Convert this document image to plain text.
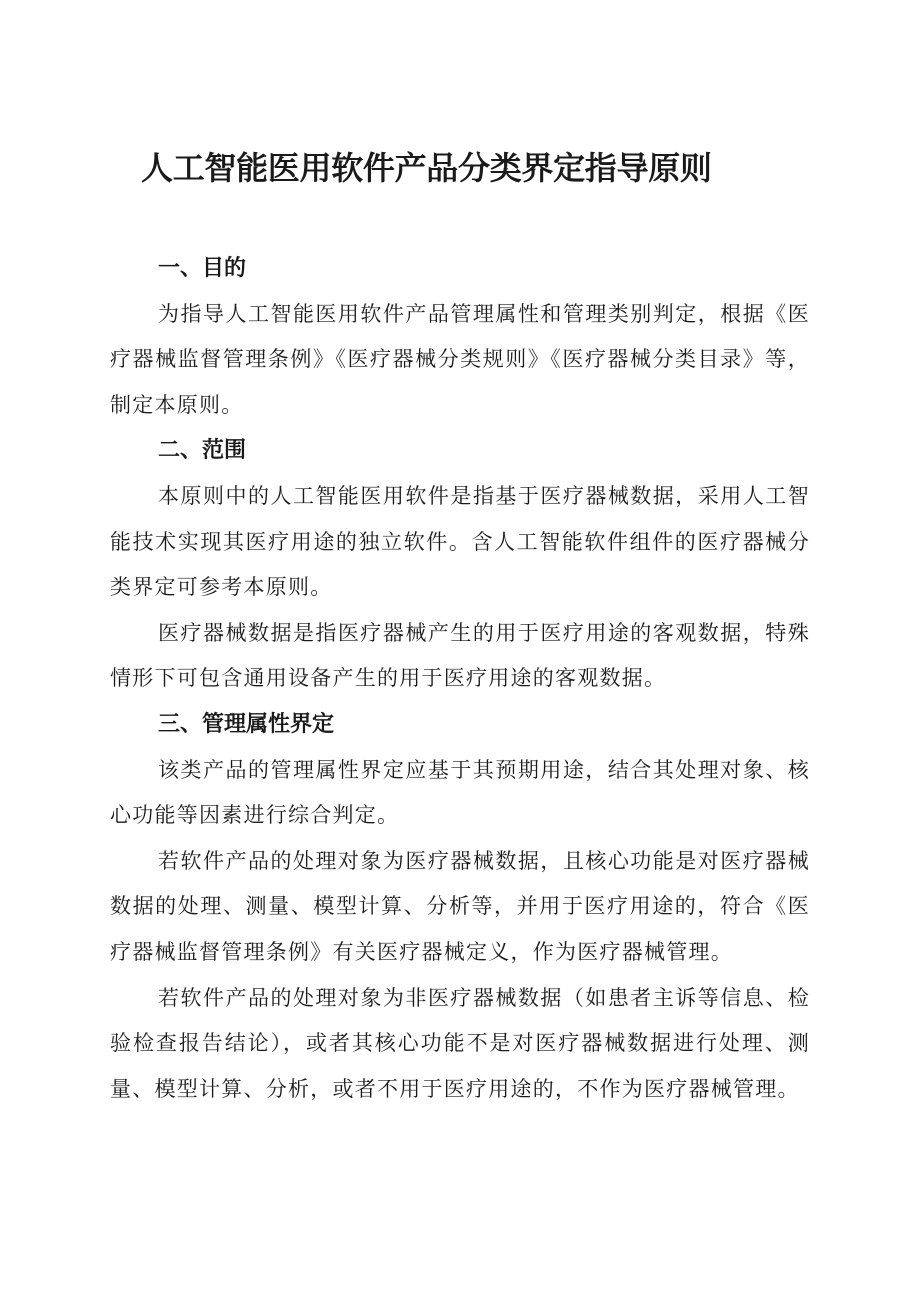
人工智能医用软件产品分类界定指导原则
一、目的

为指导人工智能医用软件产品管理属性和管理类别判定，根据《医疗器械监督管理条例》《医疗器械分类规则》《医疗器械分类目录》等，制定本原则。

二、范围

本原则中的人工智能医用软件是指基于医疗器械数据，采用人工智能技术实现其医疗用途的独立软件。含人工智能软件组件的医疗器械分类界定可参考本原则。

医疗器械数据是指医疗器械产生的用于医疗用途的客观数据，特殊情形下可包含通用设备产生的用于医疗用途的客观数据。

三、管理属性界定

该类产品的管理属性界定应基于其预期用途，结合其处理对象、核心功能等因素进行综合判定。

若软件产品的处理对象为医疗器械数据，且核心功能是对医疗器械数据的处理、测量、模型计算、分析等，并用于医疗用途的，符合《医疗器械监督管理条例》有关医疗器械定义，作为医疗器械管理。

若软件产品的处理对象为非医疗器械数据（如患者主诉等信息、检验检查报告结论），或者其核心功能不是对医疗器械数据进行处理、测量、模型计算、分析，或者不用于医疗用途的，不作为医疗器械管理。
